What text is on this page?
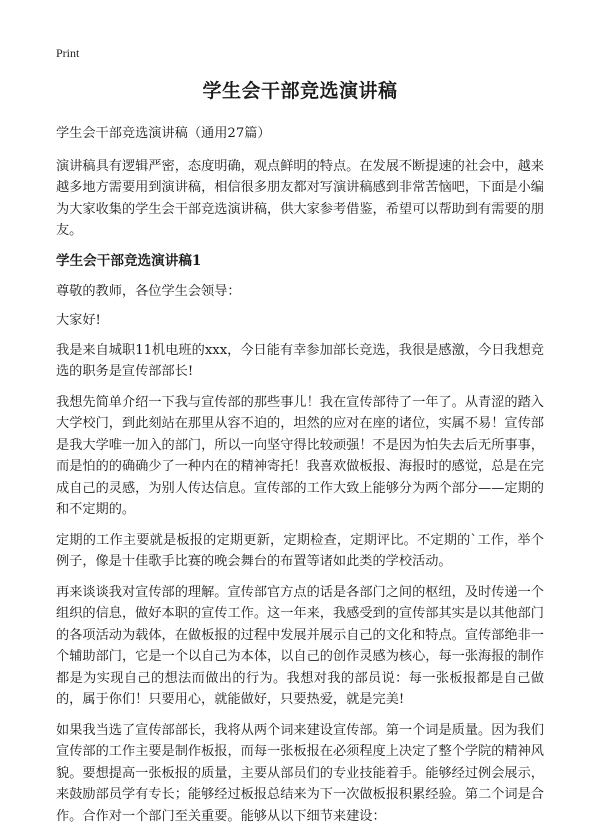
Print
学生会干部竞选演讲稿

学生会干部竞选演讲稿（通用27篇）

演讲稿具有逻辑严密，态度明确，观点鲜明的特点。在发展不断提速的社会中，越来越多地方需要用到演讲稿，相信很多朋友都对写演讲稿感到非常苦恼吧，下面是小编为大家收集的学生会干部竞选演讲稿，供大家参考借鉴，希望可以帮助到有需要的朋友。

学生会干部竞选演讲稿1

尊敬的教师，各位学生会领导：

大家好!

我是来自城职11机电班的xxx，今日能有幸参加部长竞选，我很是感激，今日我想竞选的职务是宣传部部长!

我想先简单介绍一下我与宣传部的那些事儿！我在宣传部待了一年了。从青涩的踏入大学校门，到此刻站在那里从容不迫的，坦然的应对在座的诸位，实属不易！宣传部是我大学唯一加入的部门，所以一向坚守得比较顽强！不是因为怕失去后无所事事，而是怕的的确确少了一种内在的精神寄托！我喜欢做板报、海报时的感觉，总是在完成自己的灵感，为别人传达信息。宣传部的工作大致上能够分为两个部分——定期的和不定期的。

定期的工作主要就是板报的定期更新，定期检查，定期评比。不定期的`工作，举个例子，像是十佳歌手比赛的晚会舞台的布置等诸如此类的学校活动。

再来谈谈我对宣传部的理解。宣传部官方点的话是各部门之间的枢纽，及时传递一个组织的信息，做好本职的宣传工作。这一年来，我感受到的宣传部其实是以其他部门的各项活动为载体，在做板报的过程中发展并展示自己的文化和特点。宣传部绝非一个辅助部门，它是一个以自己为本体，以自己的创作灵感为核心，每一张海报的制作都是为实现自己的想法而做出的行为。我想对我的部员说：每一张板报都是自己做的，属于你们！只要用心，就能做好，只要热爱，就是完美!

如果我当选了宣传部部长，我将从两个词来建设宣传部。第一个词是质量。因为我们宣传部的工作主要是制作板报，而每一张板报在必须程度上决定了整个学院的精神风貌。要想提高一张板报的质量，主要从部员们的专业技能着手。能够经过例会展示，来鼓励部员学有专长；能够经过板报总结来为下一次做板报积累经验。第二个词是合作。合作对一个部门至关重要。能够从以下细节来建设：
